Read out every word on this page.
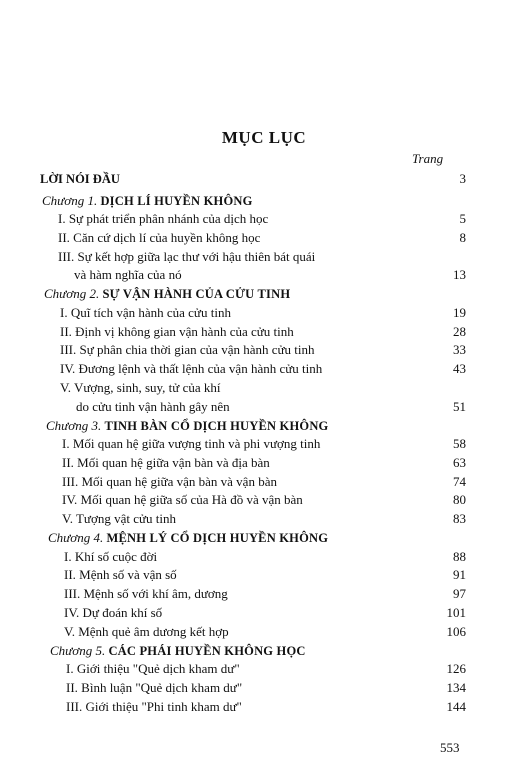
MỤC LỤC
Trang
LỜI NÓI ĐẦU	3
Chương 1. DỊCH LÍ HUYỀN KHÔNG
I. Sự phát triển phân nhánh của dịch học	5
II. Căn cứ dịch lí của huyền không học	8
III. Sự kết hợp giữa lạc thư với hậu thiên bát quái
và hàm nghĩa của nó	13
Chương 2. SỰ VẬN HÀNH CỦA CỬU TINH
I. Quĩ tích vận hành của cửu tinh	19
II. Định vị không gian vận hành của cửu tinh	28
III. Sự phân chia thời gian của vận hành cửu tinh	33
IV. Đương lệnh và thất lệnh của vận hành cửu tinh	43
V. Vượng, sinh, suy, tử của khí
do cửu tinh vận hành gây nên	51
Chương 3. TINH BÀN CỔ DỊCH HUYỀN KHÔNG
I. Mối quan hệ giữa vượng tinh và phi vượng tinh	58
II. Mối quan hệ giữa vận bàn và địa bàn	63
III. Mối quan hệ giữa vận bàn và vận bàn	74
IV. Mối quan hệ giữa số của Hà đồ và vận bàn	80
V. Tượng vật cửu tinh	83
Chương 4. MỆNH LÝ CỔ DỊCH HUYỀN KHÔNG
I. Khí số cuộc đời	88
II. Mệnh số và vận số	91
III. Mệnh số với khí âm, dương	97
IV. Dự đoán khí số	101
V. Mệnh quẻ âm dương kết hợp	106
Chương 5. CÁC PHÁI HUYỀN KHÔNG HỌC
I. Giới thiệu "Quẻ dịch kham dư"	126
II. Bình luận "Quẻ dịch kham dư"	134
III. Giới thiệu "Phi tinh kham dư"	144
553
